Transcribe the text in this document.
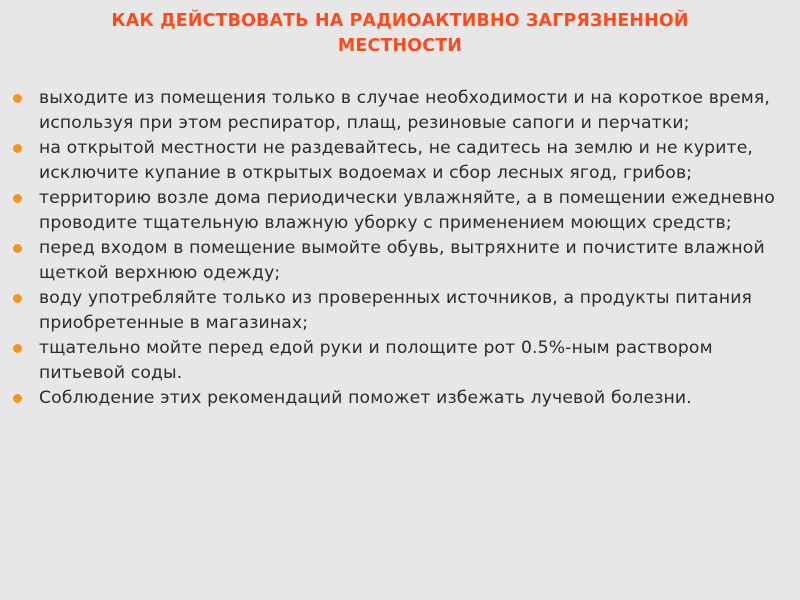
КАК ДЕЙСТВОВАТЬ НА РАДИОАКТИВНО ЗАГРЯЗНЕННОЙ МЕСТНОСТИ
выходите из помещения только в случае необходимости и на короткое время, используя при этом респиратор, плащ, резиновые сапоги и перчатки;
на открытой местности не раздевайтесь, не садитесь на землю и не курите, исключите купание в открытых водоемах и сбор лесных ягод, грибов;
территорию возле дома периодически увлажняйте, а в помещении ежедневно проводите тщательную влажную уборку с применением моющих средств;
перед входом в помещение вымойте обувь, вытряхните и почистите влажной щеткой верхнюю одежду;
воду употребляйте только из проверенных источников, а продукты питания приобретенные в магазинах;
тщательно мойте перед едой руки и полощите рот 0.5%-ным раствором питьевой соды.
Соблюдение этих рекомендаций поможет избежать лучевой болезни.
